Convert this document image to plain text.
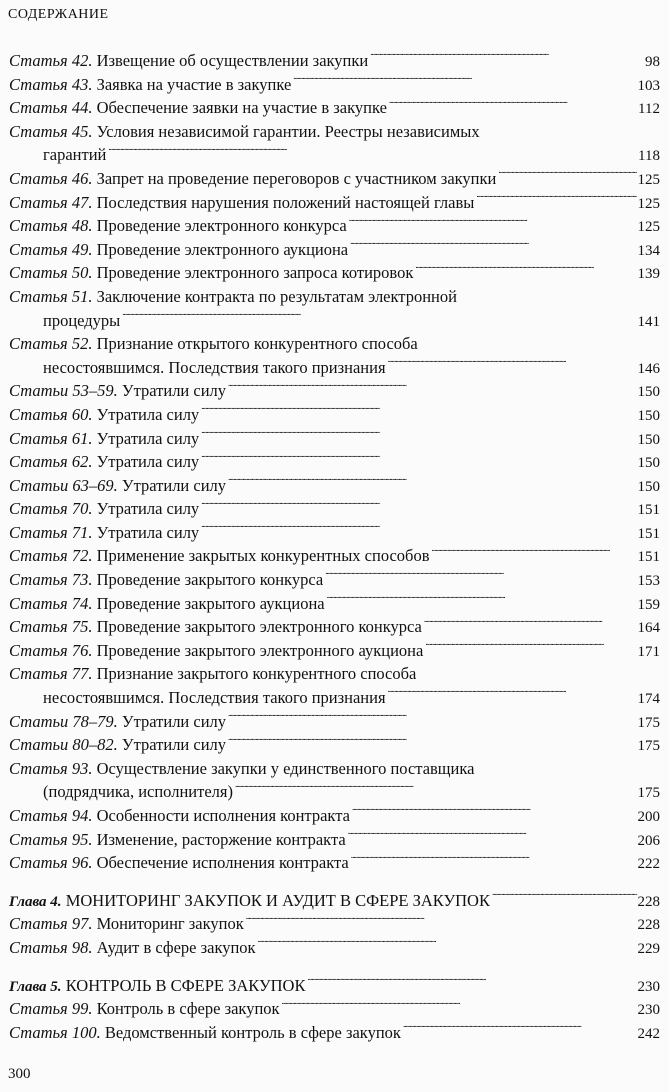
СОДЕРЖАНИЕ
Статья 42.
Извещение об осуществлении закупки . . .	98
Статья 43.
Заявка на участие в закупке . . .	103
Статья 44.
Обеспечение заявки на участие в закупке . . .	112
Статья 45.
Условия независимой гарантии. Реестры независимых
гарантий . . .	118
Статья 46.
Запрет на проведение переговоров с участником закупки . . .	125
Статья 47.
Последствия нарушения положений настоящей главы . . .	125
Статья 48.
Проведение электронного конкурса . . .	125
Статья 49.
Проведение электронного аукциона . . .	134
Статья 50.
Проведение электронного запроса котировок . . .	139
Статья 51.
Заключение контракта по результатам электронной
процедуры . . .	141
Статья 52.
Признание открытого конкурентного способа
несостоявшимся. Последствия такого признания . . .	146
Статьи 53–59.
Утратили силу . . .	150
Статья 60.
Утратила силу . . .	150
Статья 61.
Утратила силу . . .	150
Статья 62.
Утратила силу . . .	150
Статьи 63–69.
Утратили силу . . .	150
Статья 70.
Утратила силу . . .	151
Статья 71.
Утратила силу . . .	151
Статья 72.
Применение закрытых конкурентных способов . . .	151
Статья 73.
Проведение закрытого конкурса . . .	153
Статья 74.
Проведение закрытого аукциона . . .	159
Статья 75.
Проведение закрытого электронного конкурса . . .	164
Статья 76.
Проведение закрытого электронного аукциона . . .	171
Статья 77.
Признание закрытого конкурентного способа
несостоявшимся. Последствия такого признания . . .	174
Статьи 78–79.
Утратили силу . . .	175
Статьи 80–82.
Утратили силу . . .	175
Статья 93.
Осуществление закупки у единственного поставщика
(подрядчика, исполнителя) . . .	175
Статья 94.
Особенности исполнения контракта . . .	200
Статья 95.
Изменение, расторжение контракта . . .	206
Статья 96.
Обеспечение исполнения контракта . . .	222
Глава 4.
МОНИТОРИНГ ЗАКУПОК И АУДИТ В СФЕРЕ ЗАКУПОК . . .	228
Статья 97.
Мониторинг закупок . . .	228
Статья 98.
Аудит в сфере закупок . . .	229
Глава 5.
КОНТРОЛЬ В СФЕРЕ ЗАКУПОК . . .	230
Статья 99.
Контроль в сфере закупок . . .	230
Статья 100.
Ведомственный контроль в сфере закупок . . .	242
300
